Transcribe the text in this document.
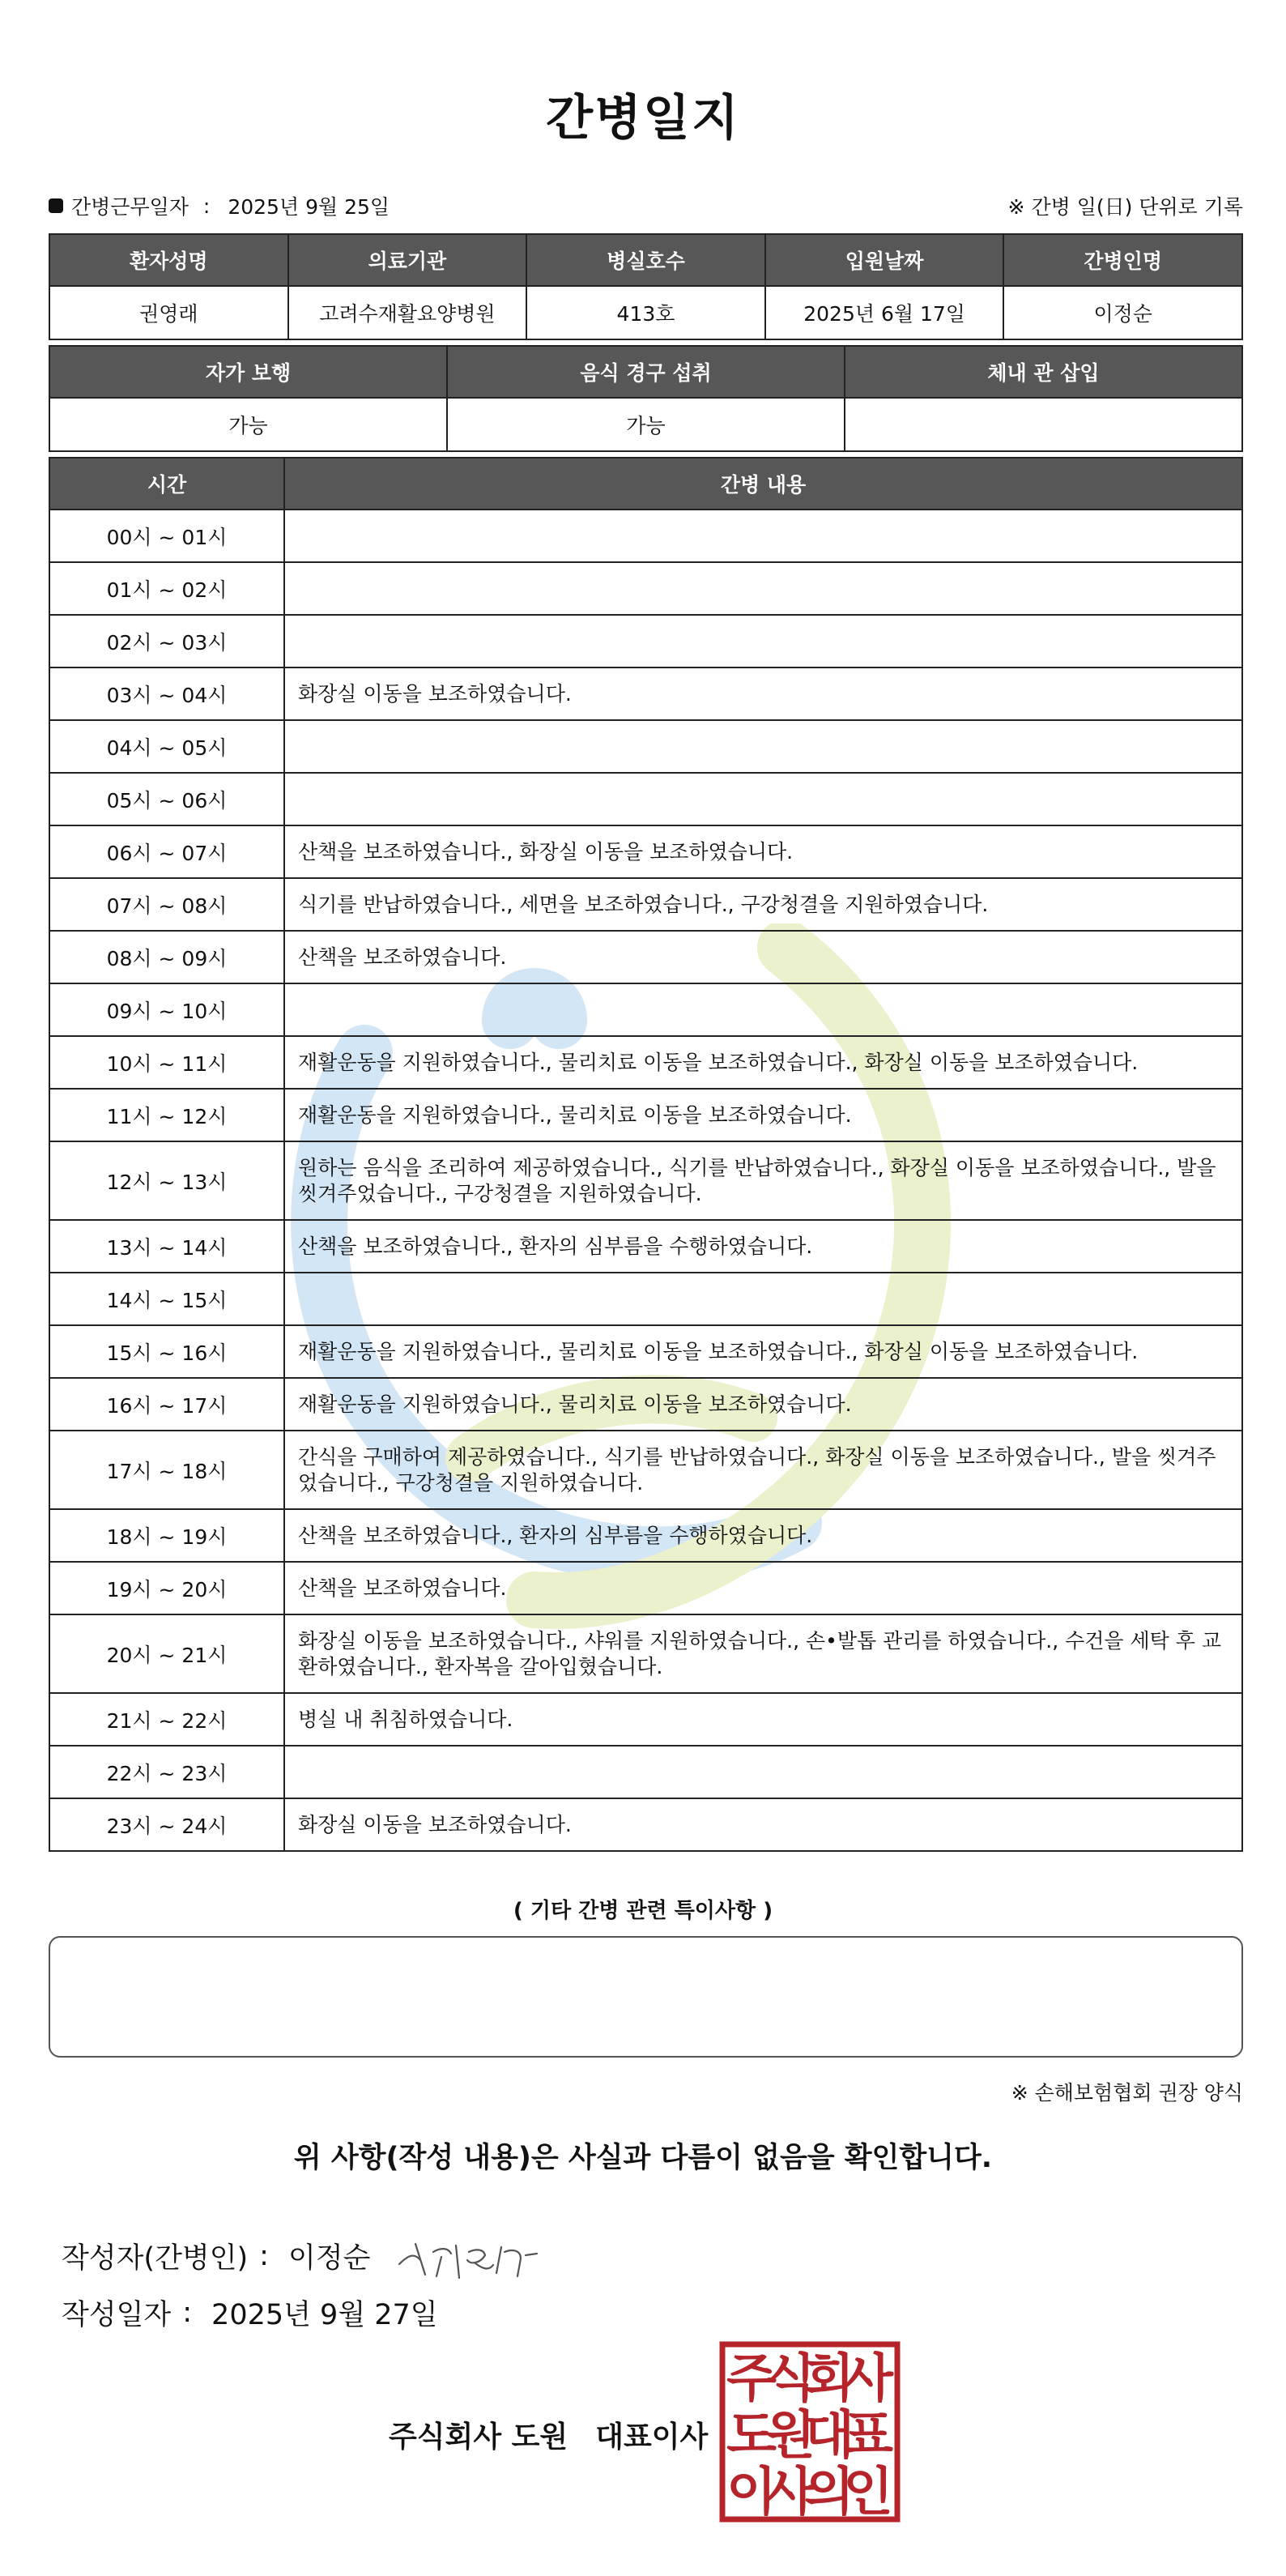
간병일지
간병근무일자 : 2025년 9월 25일	※ 간병 일(日) 단위로 기록
환자성명	의료기관	병실호수	입원날짜	간병인명
권영래	고려수재활요양병원	413호	2025년 6월 17일	이정순
자가 보행	음식 경구 섭취	체내 관 삽입
가능	가능	
시간	간병 내용
00시 ~ 01시	
01시 ~ 02시	
02시 ~ 03시	
03시 ~ 04시	화장실 이동을 보조하였습니다.
04시 ~ 05시	
05시 ~ 06시	
06시 ~ 07시	산책을 보조하였습니다., 화장실 이동을 보조하였습니다.
07시 ~ 08시	식기를 반납하였습니다., 세면을 보조하였습니다., 구강청결을 지원하였습니다.
08시 ~ 09시	산책을 보조하였습니다.
09시 ~ 10시	
10시 ~ 11시	재활운동을 지원하였습니다., 물리치료 이동을 보조하였습니다., 화장실 이동을 보조하였습니다.
11시 ~ 12시	재활운동을 지원하였습니다., 물리치료 이동을 보조하였습니다.
12시 ~ 13시	원하는 음식을 조리하여 제공하였습니다., 식기를 반납하였습니다., 화장실 이동을 보조하였습니다., 발을 씻겨주었습니다., 구강청결을 지원하였습니다.
13시 ~ 14시	산책을 보조하였습니다., 환자의 심부름을 수행하였습니다.
14시 ~ 15시	
15시 ~ 16시	재활운동을 지원하였습니다., 물리치료 이동을 보조하였습니다., 화장실 이동을 보조하였습니다.
16시 ~ 17시	재활운동을 지원하였습니다., 물리치료 이동을 보조하였습니다.
17시 ~ 18시	간식을 구매하여 제공하였습니다., 식기를 반납하였습니다., 화장실 이동을 보조하였습니다., 발을 씻겨주었습니다., 구강청결을 지원하였습니다.
18시 ~ 19시	산책을 보조하였습니다., 환자의 심부름을 수행하였습니다.
19시 ~ 20시	산책을 보조하였습니다.
20시 ~ 21시	화장실 이동을 보조하였습니다., 샤워를 지원하였습니다., 손•발톱 관리를 하였습니다., 수건을 세탁 후 교환하였습니다., 환자복을 갈아입혔습니다.
21시 ~ 22시	병실 내 취침하였습니다.
22시 ~ 23시	
23시 ~ 24시	화장실 이동을 보조하였습니다.
( 기타 간병 관련 특이사항 )
※ 손해보험협회 권장 양식
위 사항(작성 내용)은 사실과 다름이 없음을 확인합니다.
작성자(간병인) : 이정순
작성일자 : 2025년 9월 27일
주식회사 도원 대표이사
주
식
회
사
도
원
대
표
이
사
의
인
